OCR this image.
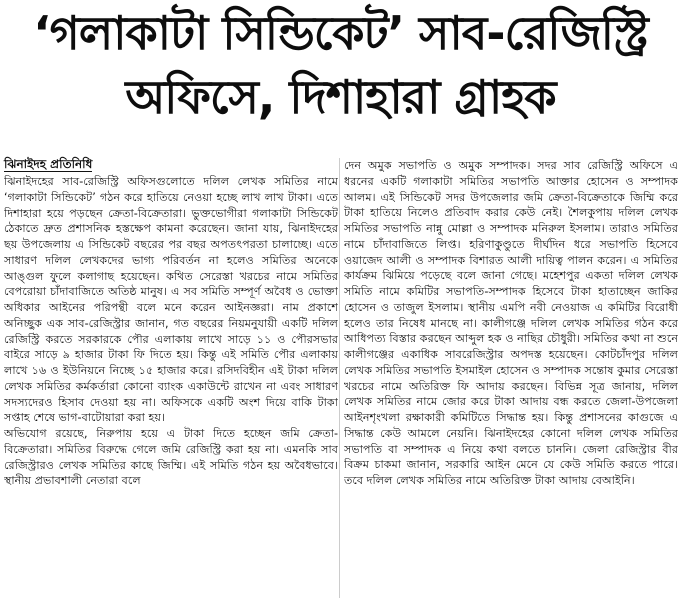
‘গলাকাটা সিন্ডিকেট’ সাব-রেজিস্ট্রি
অফিসে, দিশাহারা গ্রাহক
ঝিনাইদহ প্রতিনিধি

ঝিনাইদহের সাব-রেজিস্ট্রি অফিসগুলোতে দলিল লেখক সমিতির নামে ‘গলাকাটা সিন্ডিকেট’ গঠন করে হাতিয়ে নেওয়া হচ্ছে লাখ লাখ টাকা। এতে দিশাহারা হয়ে পড়ছেন ক্রেতা-বিক্রেতারা। ভুক্তভোগীরা গলাকাটা সিন্ডিকেট ঠেকাতে দ্রুত প্রশাসনিক হস্তক্ষেপ কামনা করেছেন। জানা যায়, ঝিনাইদহের ছয় উপজেলায় এ সিন্ডিকেট বছরের পর বছর অপতৎপরতা চালাচ্ছে। এতে সাধারণ দলিল লেখকদের ভাগ্য পরিবর্তন না হলেও সমিতির অনেকে আঙ্গুল ফুলে কলাগাছ হয়েছেন। কথিত সেরেস্তা খরচের নামে সমিতির বেপরোয়া চাঁদাবাজিতে অতিষ্ঠ মানুষ। এ সব সমিতি সম্পূর্ণ অবৈধ ও ভোক্তা অধিকার আইনের পরিপন্থী বলে মনে করেন আইনজ্ঞরা। নাম প্রকাশে অনিচ্ছুক এক সাব-রেজিস্ট্রার জানান, গত বছরের নিয়মনুযায়ী একটি দলিল রেজিস্ট্রি করতে সরকারকে পৌর এলাকায় লাখে সাড়ে ১১ ও পৌরসভার বাইরে সাড়ে ৯ হাজার টাকা ফি দিতে হয়। কিন্তু এই সমিতি পৌর এলাকায় লাখে ১৬ ও ইউনিয়নে নিচ্ছে ১৫ হাজার করে। রসিদবিহীন এই টাকা দলিল লেখক সমিতির কর্মকর্তারা কোনো ব্যাংক একাউন্টে রাখেন না এবং সাধারণ সদস্যদেরও হিসাব দেওয়া হয় না। অফিসকে একটি অংশ দিয়ে বাকি টাকা সপ্তাহ শেষে ভাগ-বাটোয়ারা করা হয়।

অভিযোগ রয়েছে, নিরুপায় হয়ে এ টাকা দিতে হচ্ছেন জমি ক্রেতা-বিক্রেতারা। সমিতির বিরুদ্ধে গেলে জমি রেজিস্ট্রি করা হয় না। এমনকি সাব রেজিস্ট্রারও লেখক সমিতির কাছে জিম্মি। এই সমিতি গঠন হয় অবৈধভাবে। স্থানীয় প্রভাবশালী নেতারা বলে

দেন অমুক সভাপতি ও অমুক সম্পাদক। সদর সাব রেজিস্ট্রি অফিসে এ ধরনের একটি গলাকাটা সমিতির সভাপতি আক্তার হোসেন ও সম্পাদক আলম। এই সিন্ডিকেট সদর উপজেলার জমি ক্রেতা-বিক্রেতাকে জিম্মি করে টাকা হাতিয়ে নিলেও প্রতিবাদ করার কেউ নেই। শৈলকুপায় দলিল লেখক সমিতির সভাপতি নান্নু মোল্লা ও সম্পাদক মনিরুল ইসলাম। তারাও সমিতির নামে চাঁদাবাজিতে লিপ্ত। হরিণাকুণ্ডুতে দীর্ঘদিন ধরে সভাপতি হিসেবে ওয়াজেদ আলী ও সম্পাদক বিশারত আলী দায়িত্ব পালন করেন। এ সমিতির কার্যক্রম ঝিমিয়ে পড়েছে বলে জানা গেছে। মহেশপুর একতা দলিল লেখক সমিতি নামে কমিটির সভাপতি-সম্পাদক হিসেবে টাকা হাতাচ্ছেন জাকির হোসেন ও তাজুল ইসলাম। স্থানীয় এমপি নবী নেওয়াজ এ কমিটির বিরোধী হলেও তার নিষেধ মানছে না। কালীগঞ্জে দলিল লেখক সমিতির গঠন করে আধিপত্য বিস্তার করছেন আব্দুল হক ও নাছির চৌধুরী। সমিতির কথা না শুনে কালীগঞ্জের একাধিক সাবরেজিস্ট্রার অপদস্ত হয়েছেন। কোটচাঁদপুর দলিল লেখক সমিতির সভাপতি ইসমাইল হোসেন ও সম্পাদক সন্তোষ কুমার সেরেস্তা খরচের নামে অতিরিক্ত ফি আদায় করছেন। বিভিন্ন সূত্র জানায়, দলিল লেখক সমিতির নামে জোর করে টাকা আদায় বন্ধ করতে জেলা-উপজেলা আইনশৃংখলা রক্ষাকারী কমিটিতে সিদ্ধান্ত হয়। কিন্তু প্রশাসনের কাগুজে এ সিদ্ধান্ত কেউ আমলে নেয়নি। ঝিনাইদহের কোনো দলিল লেখক সমিতির সভাপতি বা সম্পাদক এ নিয়ে কথা বলতে চাননি। জেলা রেজিস্ট্রার বীর বিক্রম চাকমা জানান, সরকারি আইন মেনে যে কেউ সমিতি করতে পারে। তবে দলিল লেখক সমিতির নামে অতিরিক্ত টাকা আদায় বেআইনি।
